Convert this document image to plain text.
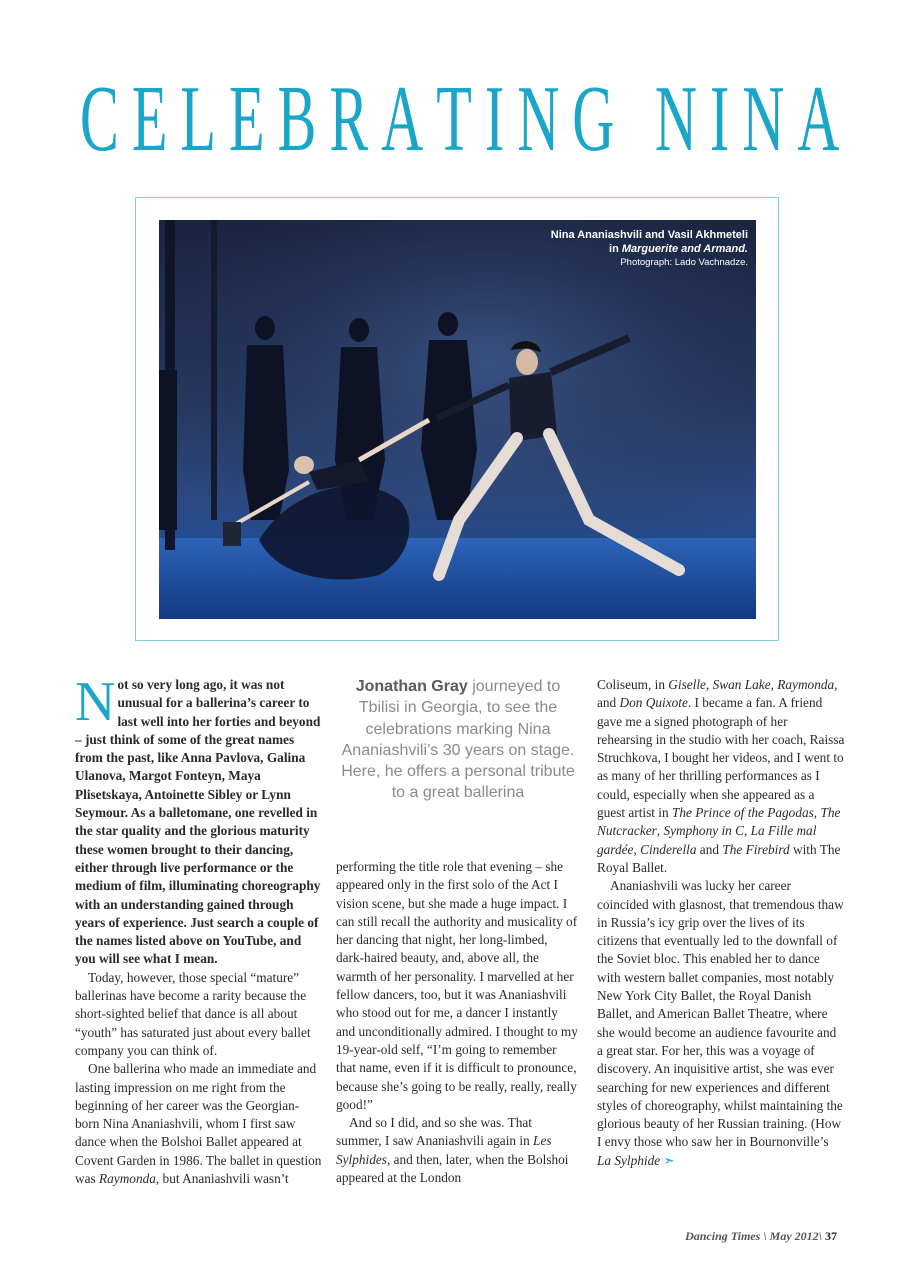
C E L E B R A T I N G
N I N A
Nina Ananiashvili and Vasil Akhmeteli
in Marguerite and Armand.
Photograph: Lado Vachnadze.

Not so very long ago, it was not unusual for a ballerina’s career to last well into her forties and beyond – just think of some of the great names from the past, like Anna Pavlova, Galina Ulanova, Margot Fonteyn, Maya Plisetskaya, Antoinette Sibley or Lynn Seymour. As a balletomane, one revelled in the star quality and the glorious maturity these women brought to their dancing, either through live performance or the medium of film, illuminating choreography with an understanding gained through years of experience. Just search a couple of the names listed above on YouTube, and you will see what I mean.

Today, however, those special “mature” ballerinas have become a rarity because the short-sighted belief that dance is all about “youth” has saturated just about every ballet company you can think of.

One ballerina who made an immediate and lasting impression on me right from the beginning of her career was the Georgian-born Nina Ananiashvili, whom I first saw dance when the Bolshoi Ballet appeared at Covent Garden in 1986. The ballet in question was Raymonda, but Ananiashvili wasn’t

Jonathan Gray journeyed to Tbilisi in Georgia, to see the celebrations marking Nina Ananiashvili’s 30 years on stage. Here, he offers a personal tribute to a great ballerina

performing the title role that evening – she appeared only in the first solo of the Act I vision scene, but she made a huge impact. I can still recall the authority and musicality of her dancing that night, her long-limbed, dark-haired beauty, and, above all, the warmth of her personality. I marvelled at her fellow dancers, too, but it was Ananiashvili who stood out for me, a dancer I instantly and unconditionally admired. I thought to my 19-year-old self, “I’m going to remember that name, even if it is difficult to pronounce, because she’s going to be really, really, really good!”

And so I did, and so she was. That summer, I saw Ananiashvili again in Les Sylphides, and then, later, when the Bolshoi appeared at the London

Coliseum, in Giselle, Swan Lake, Raymonda, and Don Quixote. I became a fan. A friend gave me a signed photograph of her rehearsing in the studio with her coach, Raissa Struchkova, I bought her videos, and I went to as many of her thrilling performances as I could, especially when she appeared as a guest artist in The Prince of the Pagodas, The Nutcracker, Symphony in C, La Fille mal gardée, Cinderella and The Firebird with The Royal Ballet.

Ananiashvili was lucky her career coincided with glasnost, that tremendous thaw in Russia’s icy grip over the lives of its citizens that eventually led to the downfall of the Soviet bloc. This enabled her to dance with western ballet companies, most notably New York City Ballet, the Royal Danish Ballet, and American Ballet Theatre, where she would become an audience favourite and a great star. For her, this was a voyage of discovery. An inquisitive artist, she was ever searching for new experiences and different styles of choreography, whilst maintaining the glorious beauty of her Russian training. (How I envy those who saw her in Bournonville’s La Sylphide ➣

Dancing Times \ May 2012\ 37
